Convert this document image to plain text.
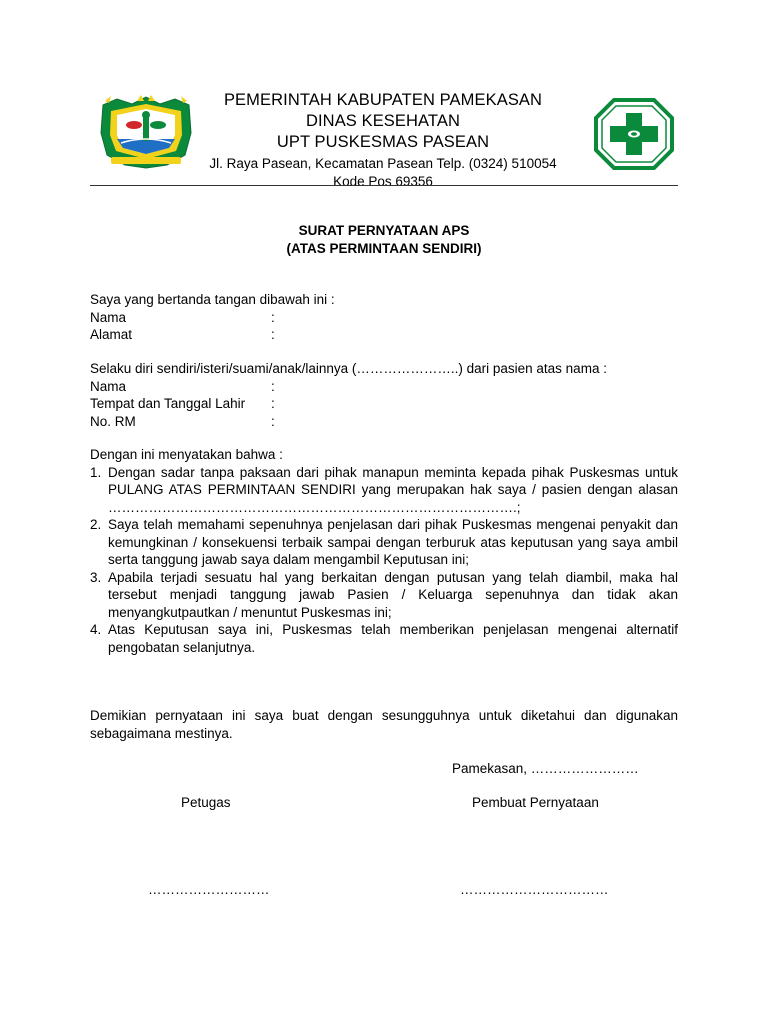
PEMERINTAH KABUPATEN PAMEKASAN
DINAS KESEHATAN
UPT PUSKESMAS PASEAN
Jl. Raya Pasean, Kecamatan Pasean Telp. (0324) 510054
Kode Pos 69356
SURAT PERNYATAAN APS
(ATAS PERMINTAAN SENDIRI)
Saya yang bertanda tangan dibawah ini :
Nama	:
Alamat	:
Selaku diri sendiri/isteri/suami/anak/lainnya (…………………..) dari pasien atas nama :
Nama	:
Tempat dan Tanggal Lahir :
No. RM	:
Dengan ini menyatakan bahwa :
1. Dengan sadar tanpa paksaan dari pihak manapun meminta kepada pihak Puskesmas untuk PULANG ATAS PERMINTAAN SENDIRI yang merupakan hak saya / pasien dengan alasan
……………………………………………………………………………….;
2. Saya telah memahami sepenuhnya penjelasan dari pihak Puskesmas mengenai penyakit dan kemungkinan / konsekuensi terbaik sampai dengan terburuk atas keputusan yang saya ambil serta tanggung jawab saya dalam mengambil Keputusan ini;
3. Apabila terjadi sesuatu hal yang berkaitan dengan putusan yang telah diambil, maka hal tersebut menjadi tanggung jawab Pasien / Keluarga sepenuhnya dan tidak akan menyangkutpautkan / menuntut Puskesmas ini;
4. Atas Keputusan saya ini, Puskesmas telah memberikan penjelasan mengenai alternatif pengobatan selanjutnya.
Demikian pernyataan ini saya buat dengan sesungguhnya untuk diketahui dan digunakan sebagaimana mestinya.
Pamekasan, ……………………
Petugas	Pembuat Pernyataan
………………………	……………………………
